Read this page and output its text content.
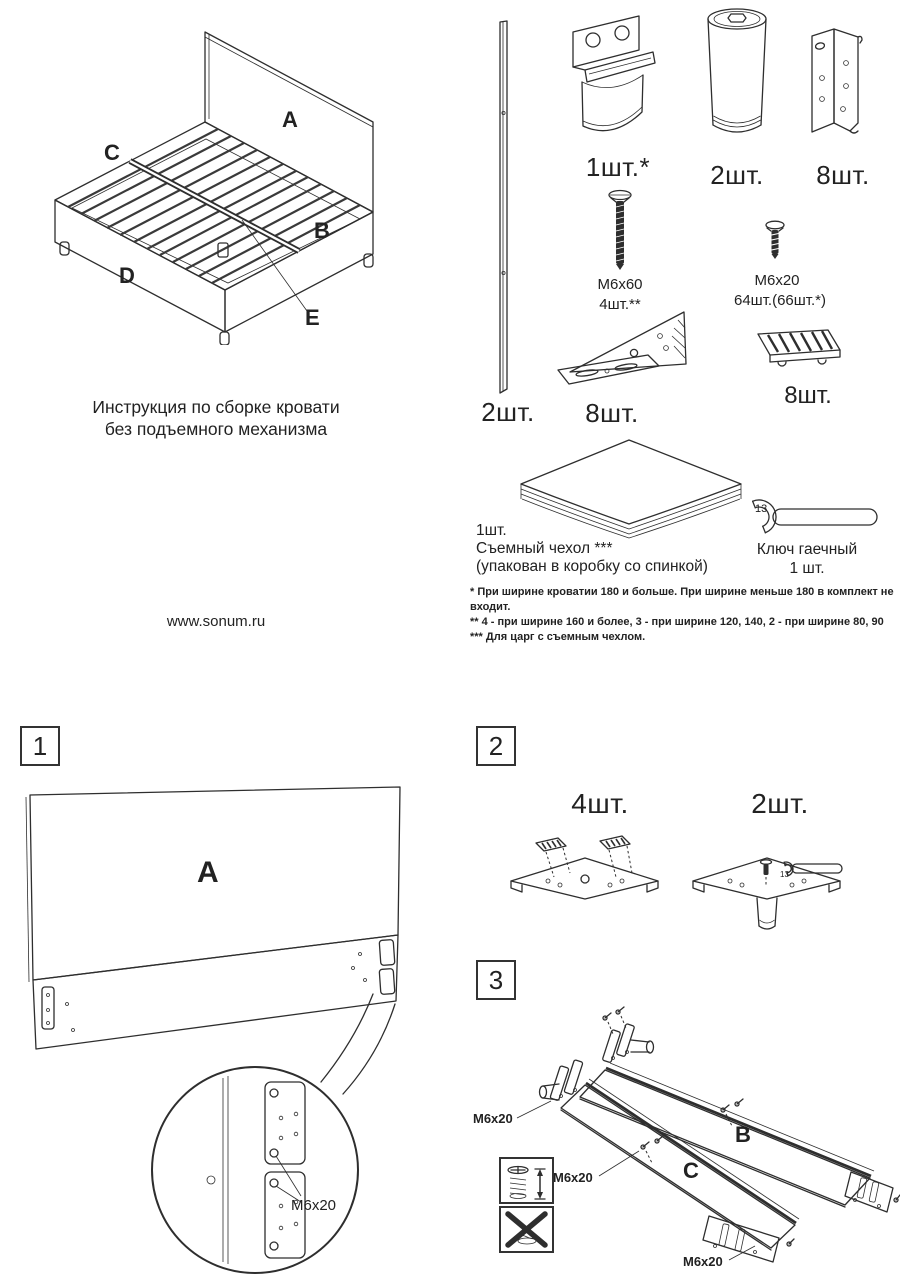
A
B
C
D
E
Инструкция по сборке кровати
без подъемного механизма
www.sonum.ru
2шт.
1шт.*	2шт.	8шт.
M6x60
4шт.**
M6x20
64шт.(66шт.*)
8шт.
8шт.
1шт.
Съемный чехол ***
(упакован в коробку со спинкой)
13
Ключ гаечный
1 шт.
* При ширине кроватии 180 и больше. При ширине меньше 180 в комплект не входит.
** 4 - при ширине 160 и более, 3 - при ширине 120, 140, 2 - при ширине 80, 90
*** Для царг с съемным чехлом.
1
A
M6x20
2
4шт.	2шт.
13
3
B
C
M6x20
M6x20
M6x20
